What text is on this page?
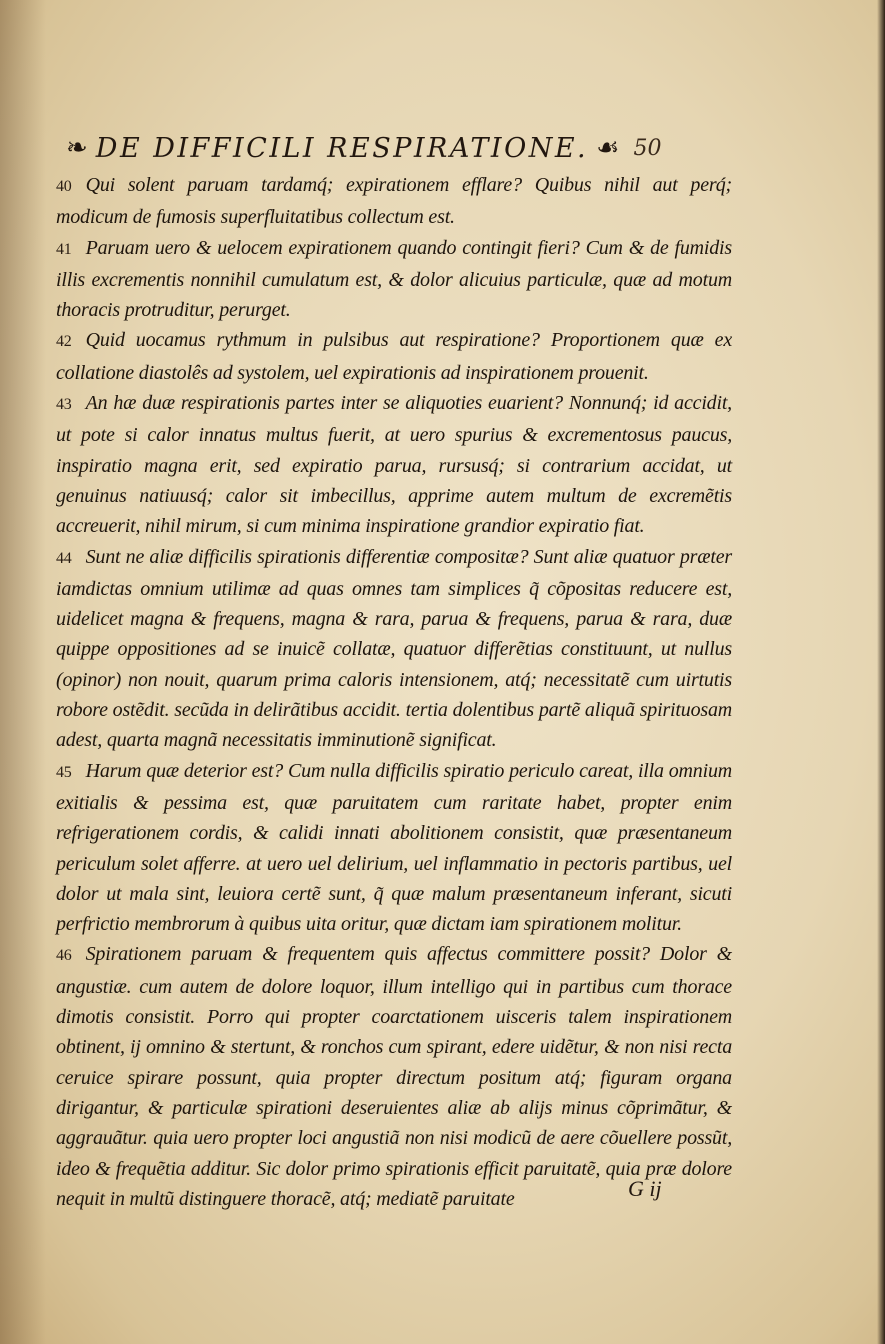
❧ DE DIFFICILI RESPIRATIONE. ☙ 50

40 Qui solent paruam tardamq́; expirationem efflare? Quibus nihil aut perq́; modicum de fumosis superfluitatibus collectum est.

41 Paruam uero & uelocem expirationem quando contingit fieri? Cum & de fumidis illis excrementis nonnihil cumulatum est, & dolor alicuius particulæ, quæ ad motum thoracis protruditur, perurget.

42 Quid uocamus rythmum in pulsibus aut respiratione? Proportionem quæ ex collatione diastolês ad systolem, uel expirationis ad inspirationem prouenit.

43 An hæ duæ respirationis partes inter se aliquoties euarient? Nonnunq́; id accidit, ut pote si calor innatus multus fuerit, at uero spurius & excrementosus paucus, inspiratio magna erit, sed expiratio parua, rursusq́; si contrarium accidat, ut genuinus natiuusq́; calor sit imbecillus, apprime autem multum de excremẽtis accreuerit, nihil mirum, si cum minima inspiratione grandior expiratio fiat.

44 Sunt ne aliæ difficilis spirationis differentiæ compositæ? Sunt aliæ quatuor præter iamdictas omnium utilimæ ad quas omnes tam simplices q̃ cõpositas reducere est, uidelicet magna & frequens, magna & rara, parua & frequens, parua & rara, duæ quippe oppositiones ad se inuicẽ collatæ, quatuor differẽtias constituunt, ut nullus (opinor) non nouit, quarum prima caloris intensionem, atq́; necessitatẽ cum uirtutis robore ostẽdit. secũda in delirãtibus accidit. tertia dolentibus partẽ aliquã spirituosam adest, quarta magnã necessitatis imminutionẽ significat.

45 Harum quæ deterior est? Cum nulla difficilis spiratio periculo careat, illa omnium exitialis & pessima est, quæ paruitatem cum raritate habet, propter enim refrigerationem cordis, & calidi innati abolitionem consistit, quæ præsentaneum periculum solet afferre. at uero uel delirium, uel inflammatio in pectoris partibus, uel dolor ut mala sint, leuiora certẽ sunt, q̃ quæ malum præsentaneum inferant, sicuti perfrictio membrorum à quibus uita oritur, quæ dictam iam spirationem molitur.

46 Spirationem paruam & frequentem quis affectus committere possit? Dolor & angustiæ. cum autem de dolore loquor, illum intelligo qui in partibus cum thorace dimotis consistit. Porro qui propter coarctationem uisceris talem inspirationem obtinent, ij omnino & stertunt, & ronchos cum spirant, edere uidẽtur, & non nisi recta ceruice spirare possunt, quia propter directum positum atq́; figuram organa dirigantur, & particulæ spirationi deseruientes aliæ ab alijs minus cõprimãtur, & aggrauãtur. quia uero propter loci angustiã non nisi modicũ de aere cõuellere possũt, ideo & frequẽtia additur. Sic dolor primo spirationis efficit paruitatẽ, quia præ dolore nequit in multũ distinguere thoracẽ, atq́; mediatẽ paruitate	G ij
